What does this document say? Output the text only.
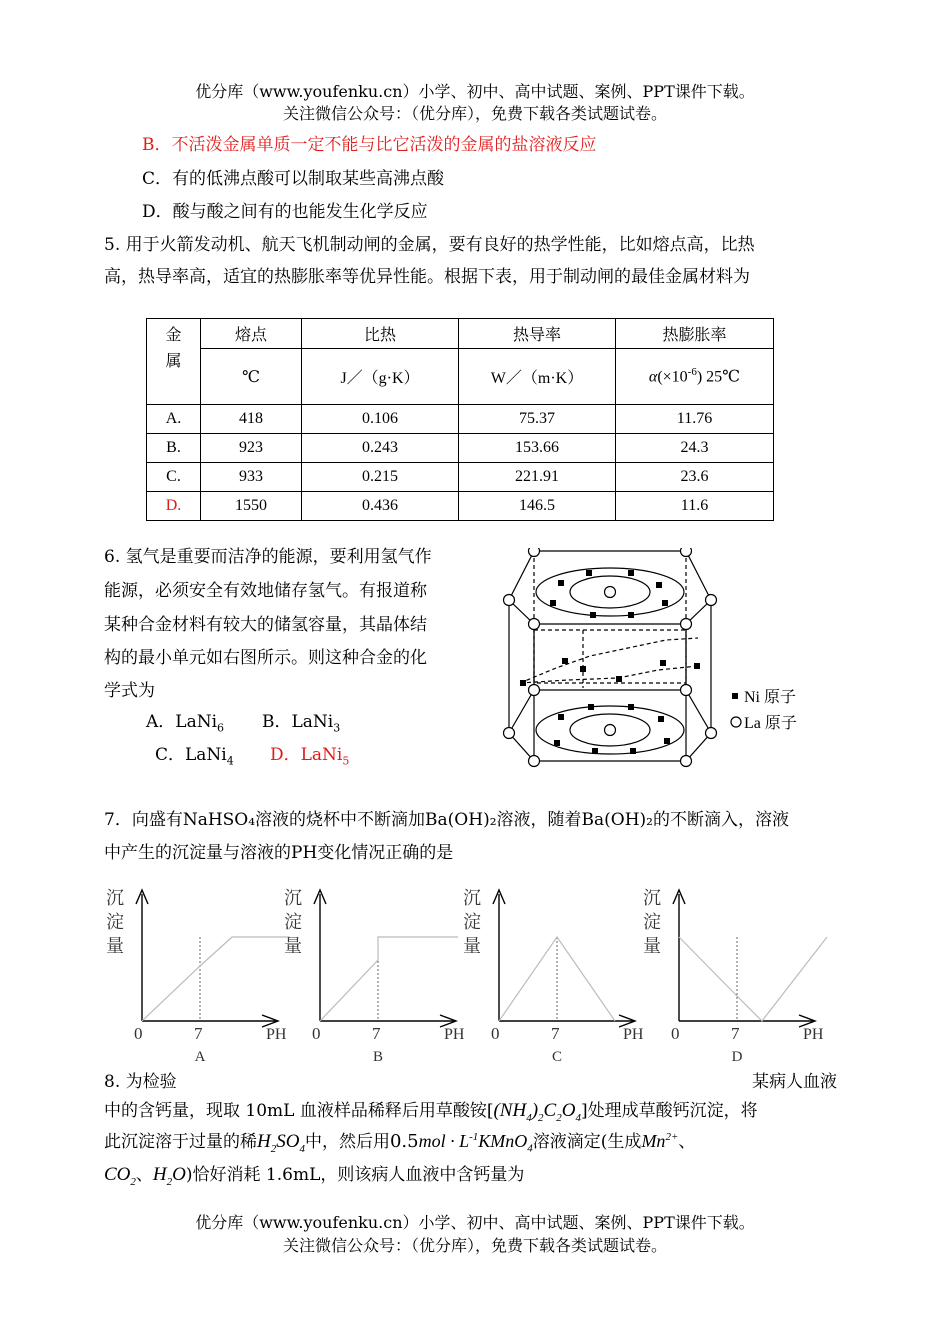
优分库（www.youfenku.cn）小学、初中、高中试题、案例、PPT课件下载。
关注微信公众号：（优分库），免费下载各类试题试卷。
B．不活泼金属单质一定不能与比它活泼的金属的盐溶液反应
C．有的低沸点酸可以制取某些高沸点酸
D．酸与酸之间有的也能发生化学反应
5. 用于火箭发动机、航天飞机制动闸的金属，要有良好的热学性能，比如熔点高，比热
高，热导率高，适宜的热膨胀率等优异性能。根据下表，用于制动闸的最佳金属材料为
金
属	熔点	比热	热导率	热膨胀率
	℃	J／（g·K）	W／（m·K）	$\alpha(\times 10^{-6})$ 25℃
A.	418	0.106	75.37	11.76
B.	923	0.243	153.66	24.3
C.	933	0.215	221.91	23.6
D.	1550	0.436	146.5	11.6
6. 氢气是重要而洁净的能源，要利用氢气作
能源，必须安全有效地储存氢气。有报道称
某种合金材料有较大的储氢容量，其晶体结
构的最小单元如右图所示。则这种合金的化
学式为
A．LaNi$_6$ B．LaNi$_3$
C．LaNi$_4$ D．LaNi$_5$
Ni 原子
La 原子
7．向盛有NaHSO₄溶液的烧杯中不断滴加Ba(OH)₂溶液，随着Ba(OH)₂的不断滴入，溶液
中产生的沉淀量与溶液的PH变化情况正确的是
沉
淀
量
0	7	PH
A
沉
淀
量
0	7	PH
B
沉
淀
量
0	7	PH
C
沉
淀
量
0	7	PH
D
8. 为检验	某病人血液
中的含钙量，现取 10mL 血液样品稀释后用草酸铵$[(NH_4)_2C_2O_4]$处理成草酸钙沉淀，将
此沉淀溶于过量的稀$H_2SO_4$中，然后用$0.5mol \cdot L^{-1}KMnO_4$溶液滴定(生成$Mn^{2+}$、
$CO_2$、$H_2O$)恰好消耗 1.6mL，则该病人血液中含钙量为
优分库（www.youfenku.cn）小学、初中、高中试题、案例、PPT课件下载。
关注微信公众号：（优分库），免费下载各类试题试卷。
